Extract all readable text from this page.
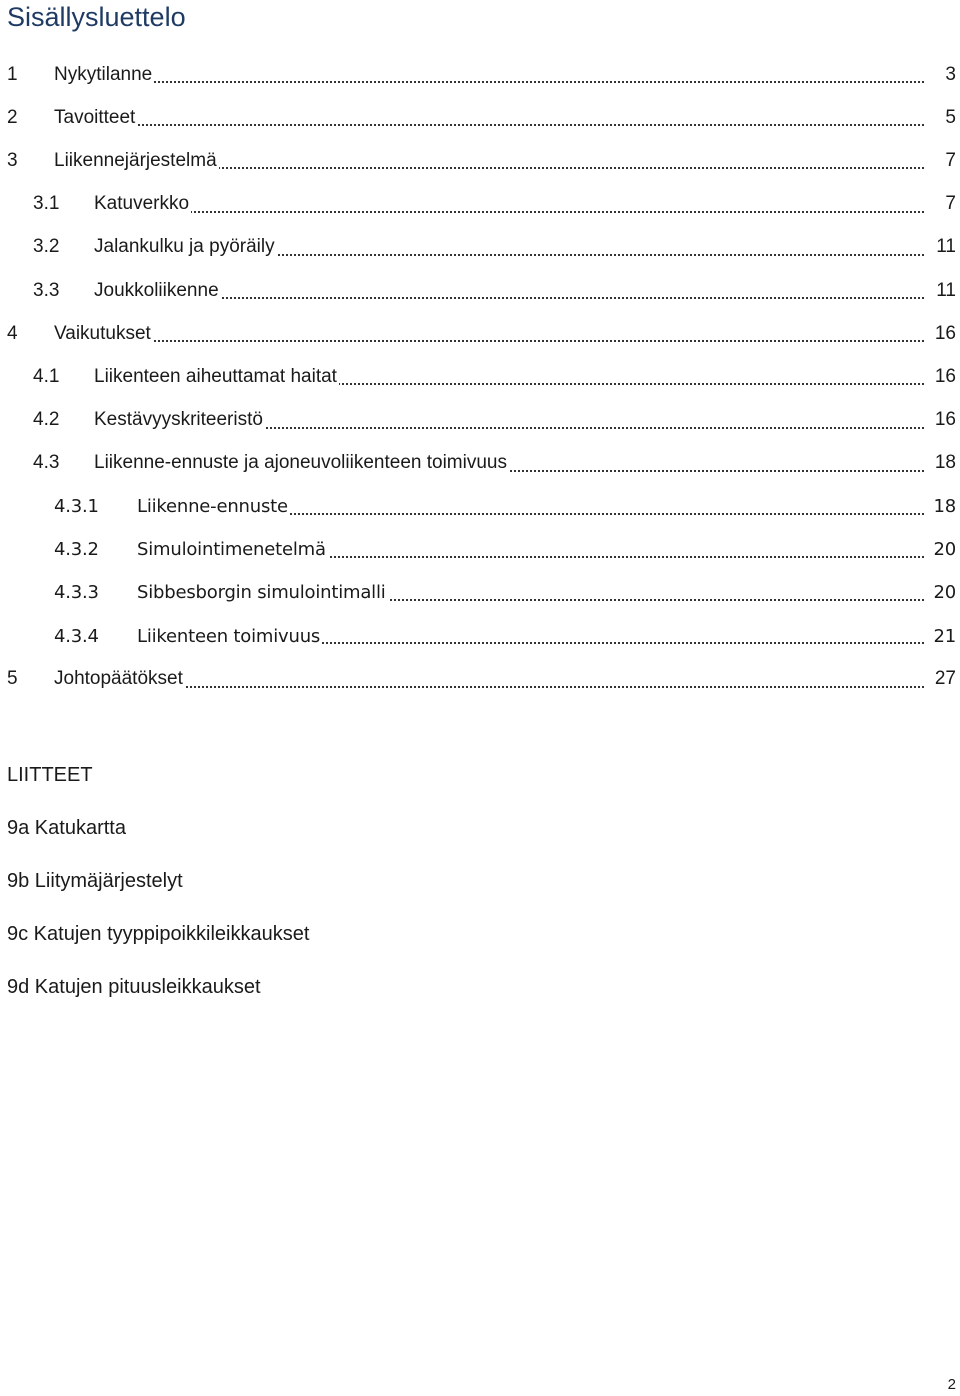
Sisällysluettelo
1 Nykytilanne	3
2 Tavoitteet	5
3 Liikennejärjestelmä	7
3.1 Katuverkko	7
3.2 Jalankulku ja pyöräily	11
3.3 Joukkoliikenne	11
4 Vaikutukset	16
4.1 Liikenteen aiheuttamat haitat	16
4.2 Kestävyyskriteeristö	16
4.3 Liikenne-ennuste ja ajoneuvoliikenteen toimivuus	18
4.3.1 Liikenne-ennuste	18
4.3.2 Simulointimenetelmä	20
4.3.3 Sibbesborgin simulointimalli	20
4.3.4 Liikenteen toimivuus	21
5 Johtopäätökset	27

LIITTEET

9a Katukartta

9b Liitymäjärjestelyt

9c Katujen tyyppipoikkileikkaukset

9d Katujen pituusleikkaukset

2
